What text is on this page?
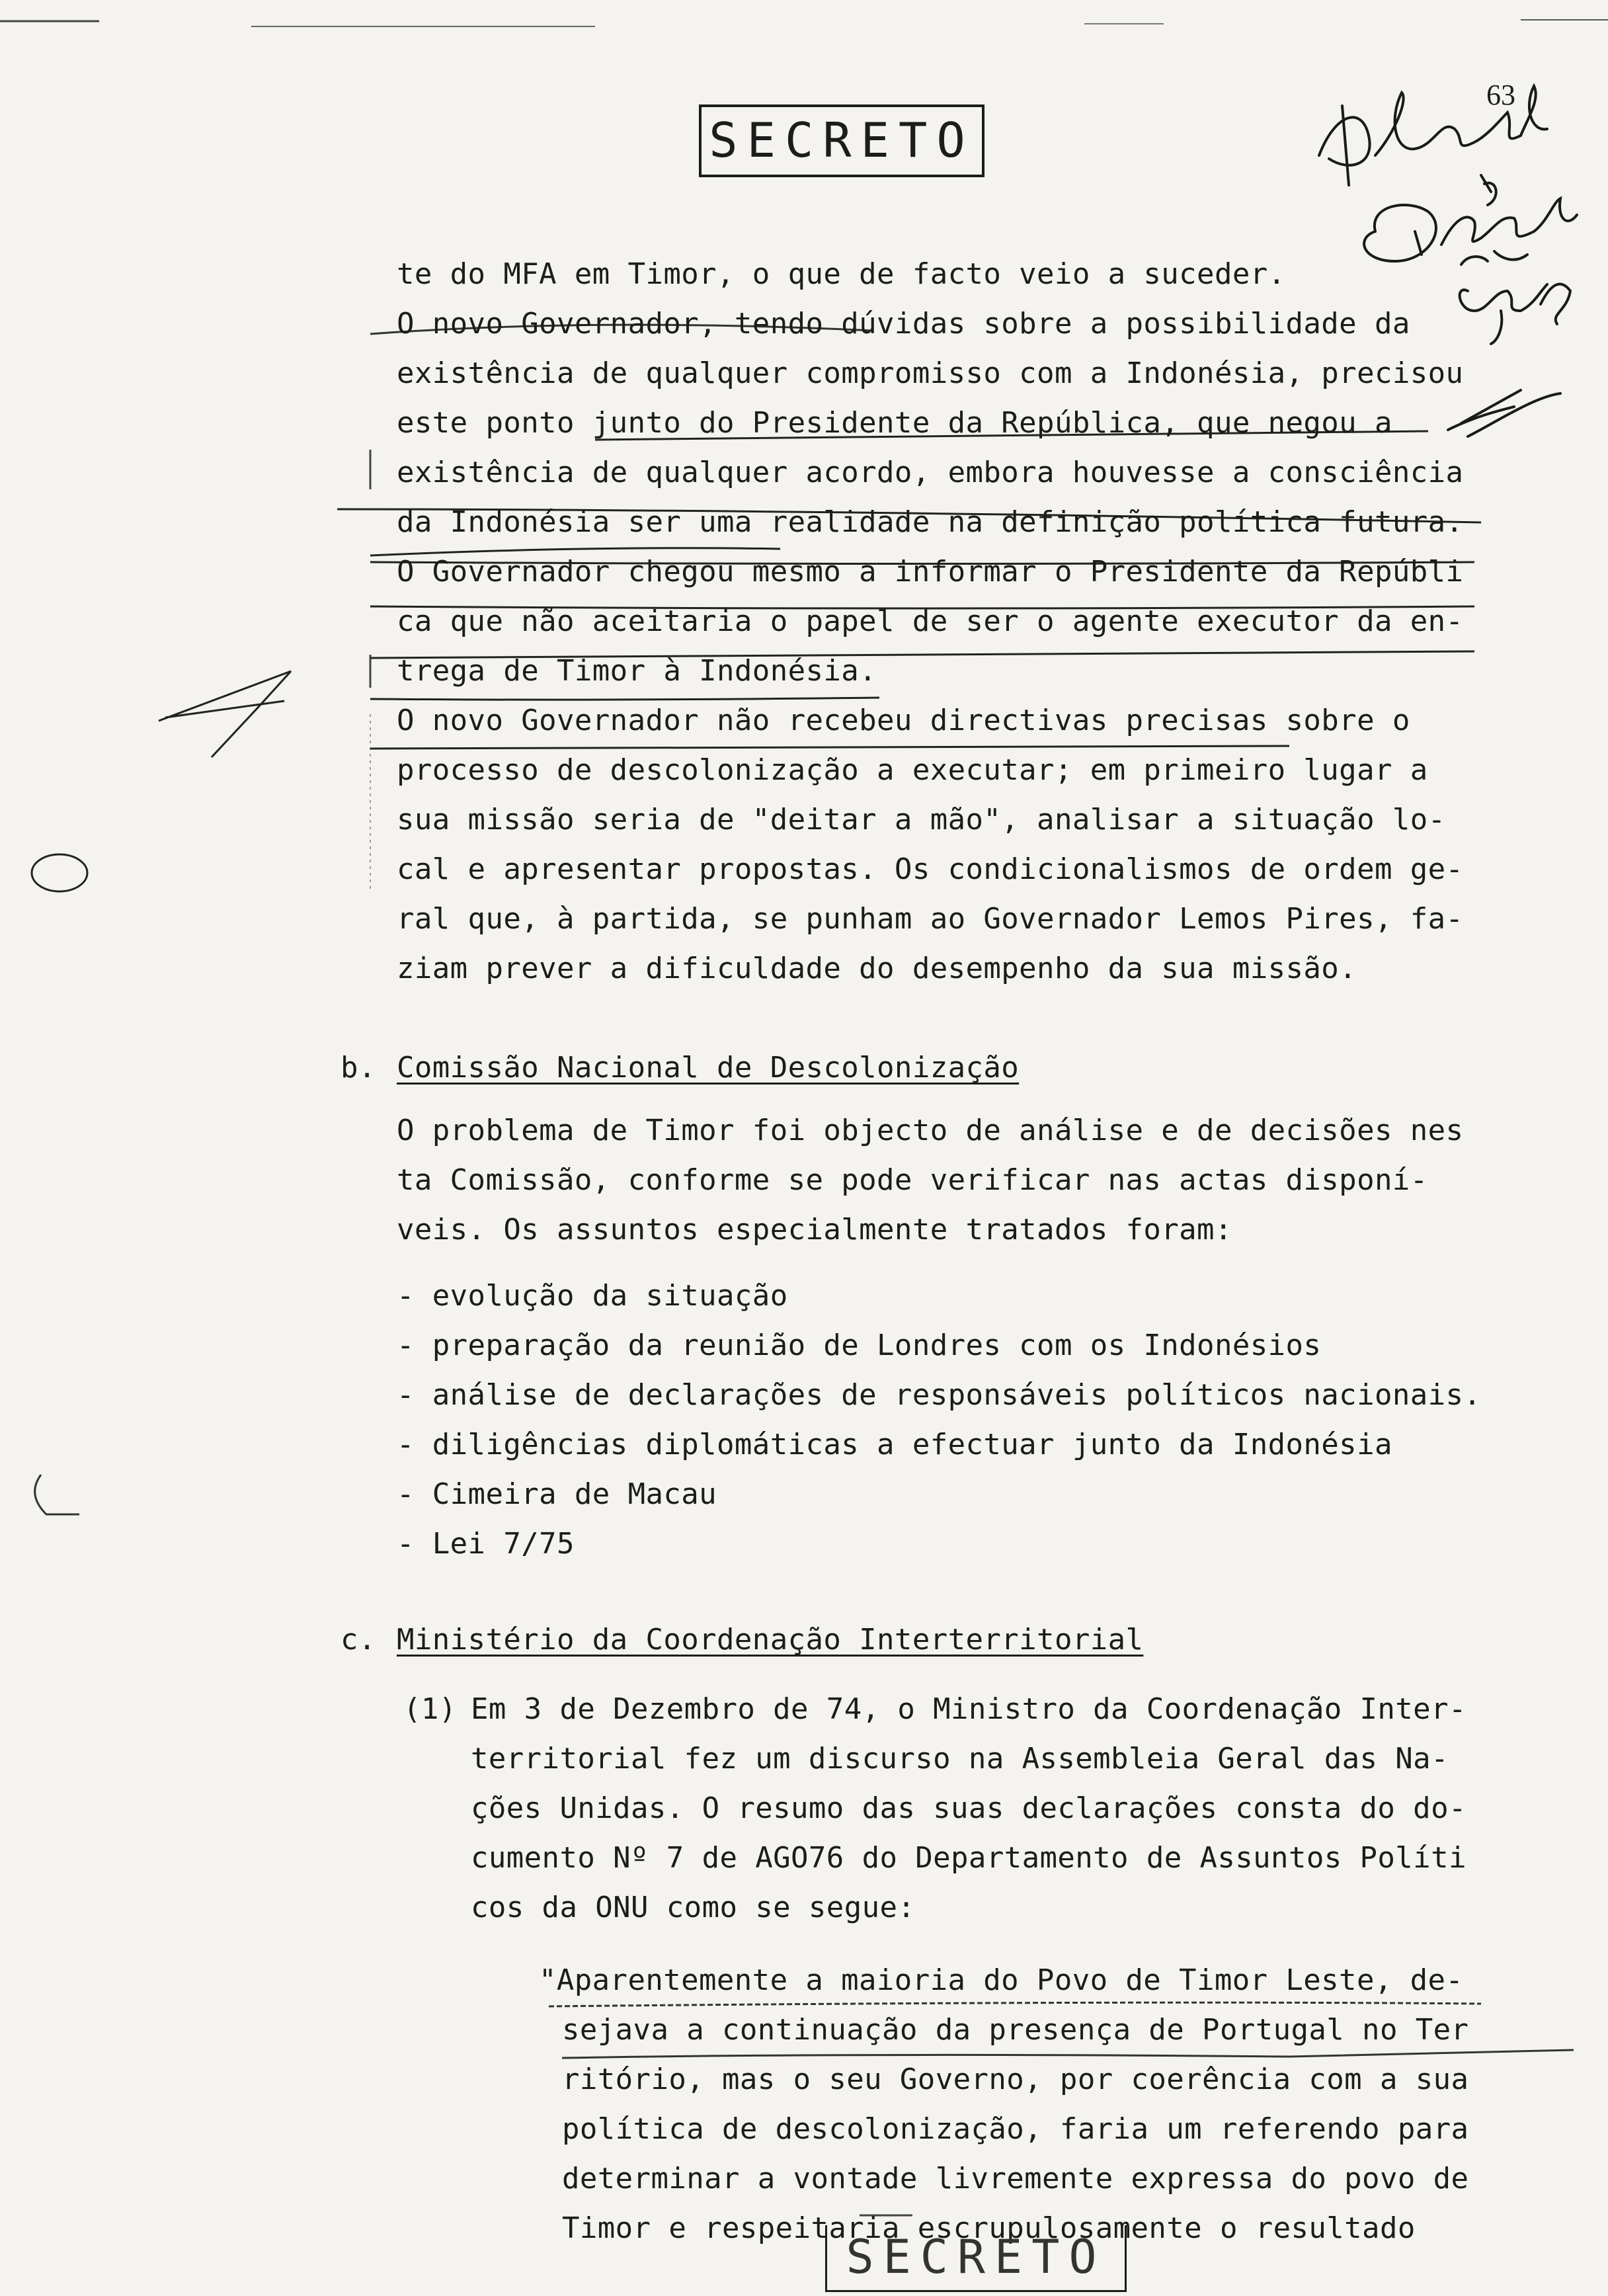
SECRETO
63
te do MFA em Timor, o que de facto veio a suceder.
O novo Governador, tendo dúvidas sobre a possibilidade da
existência de qualquer compromisso com a Indonésia, precisou
este ponto junto do Presidente da República, que negou a
existência de qualquer acordo, embora houvesse a consciência
da Indonésia ser uma realidade na definição política futura.
O Governador chegou mesmo a informar o Presidente da Repúbli
ca que não aceitaria o papel de ser o agente executor da en-
trega de Timor à Indonésia.
O novo Governador não recebeu directivas precisas sobre o
processo de descolonização a executar; em primeiro lugar a
sua missão seria de "deitar a mão", analisar a situação lo-
cal e apresentar propostas. Os condicionalismos de ordem ge-
ral que, à partida, se punham ao Governador Lemos Pires, fa-
ziam prever a dificuldade do desempenho da sua missão.
b. Comissão Nacional de Descolonização
O problema de Timor foi objecto de análise e de decisões nes
ta Comissão, conforme se pode verificar nas actas disponí-
veis. Os assuntos especialmente tratados foram:
- evolução da situação
- preparação da reunião de Londres com os Indonésios
- análise de declarações de responsáveis políticos nacionais.
- diligências diplomáticas a efectuar junto da Indonésia
- Cimeira de Macau
- Lei 7/75
c. Ministério da Coordenação Interterritorial
(1) Em 3 de Dezembro de 74, o Ministro da Coordenação Inter-
territorial fez um discurso na Assembleia Geral das Na-
ções Unidas. O resumo das suas declarações consta do do-
cumento Nº 7 de AGO76 do Departamento de Assuntos Políti
cos da ONU como se segue:
"Aparentemente a maioria do Povo de Timor Leste, de-
sejava a continuação da presença de Portugal no Ter
ritório, mas o seu Governo, por coerência com a sua
política de descolonização, faria um referendo para
determinar a vontade livremente expressa do povo de
Timor e respeitaria escrupulosamente o resultado
SECRETO
